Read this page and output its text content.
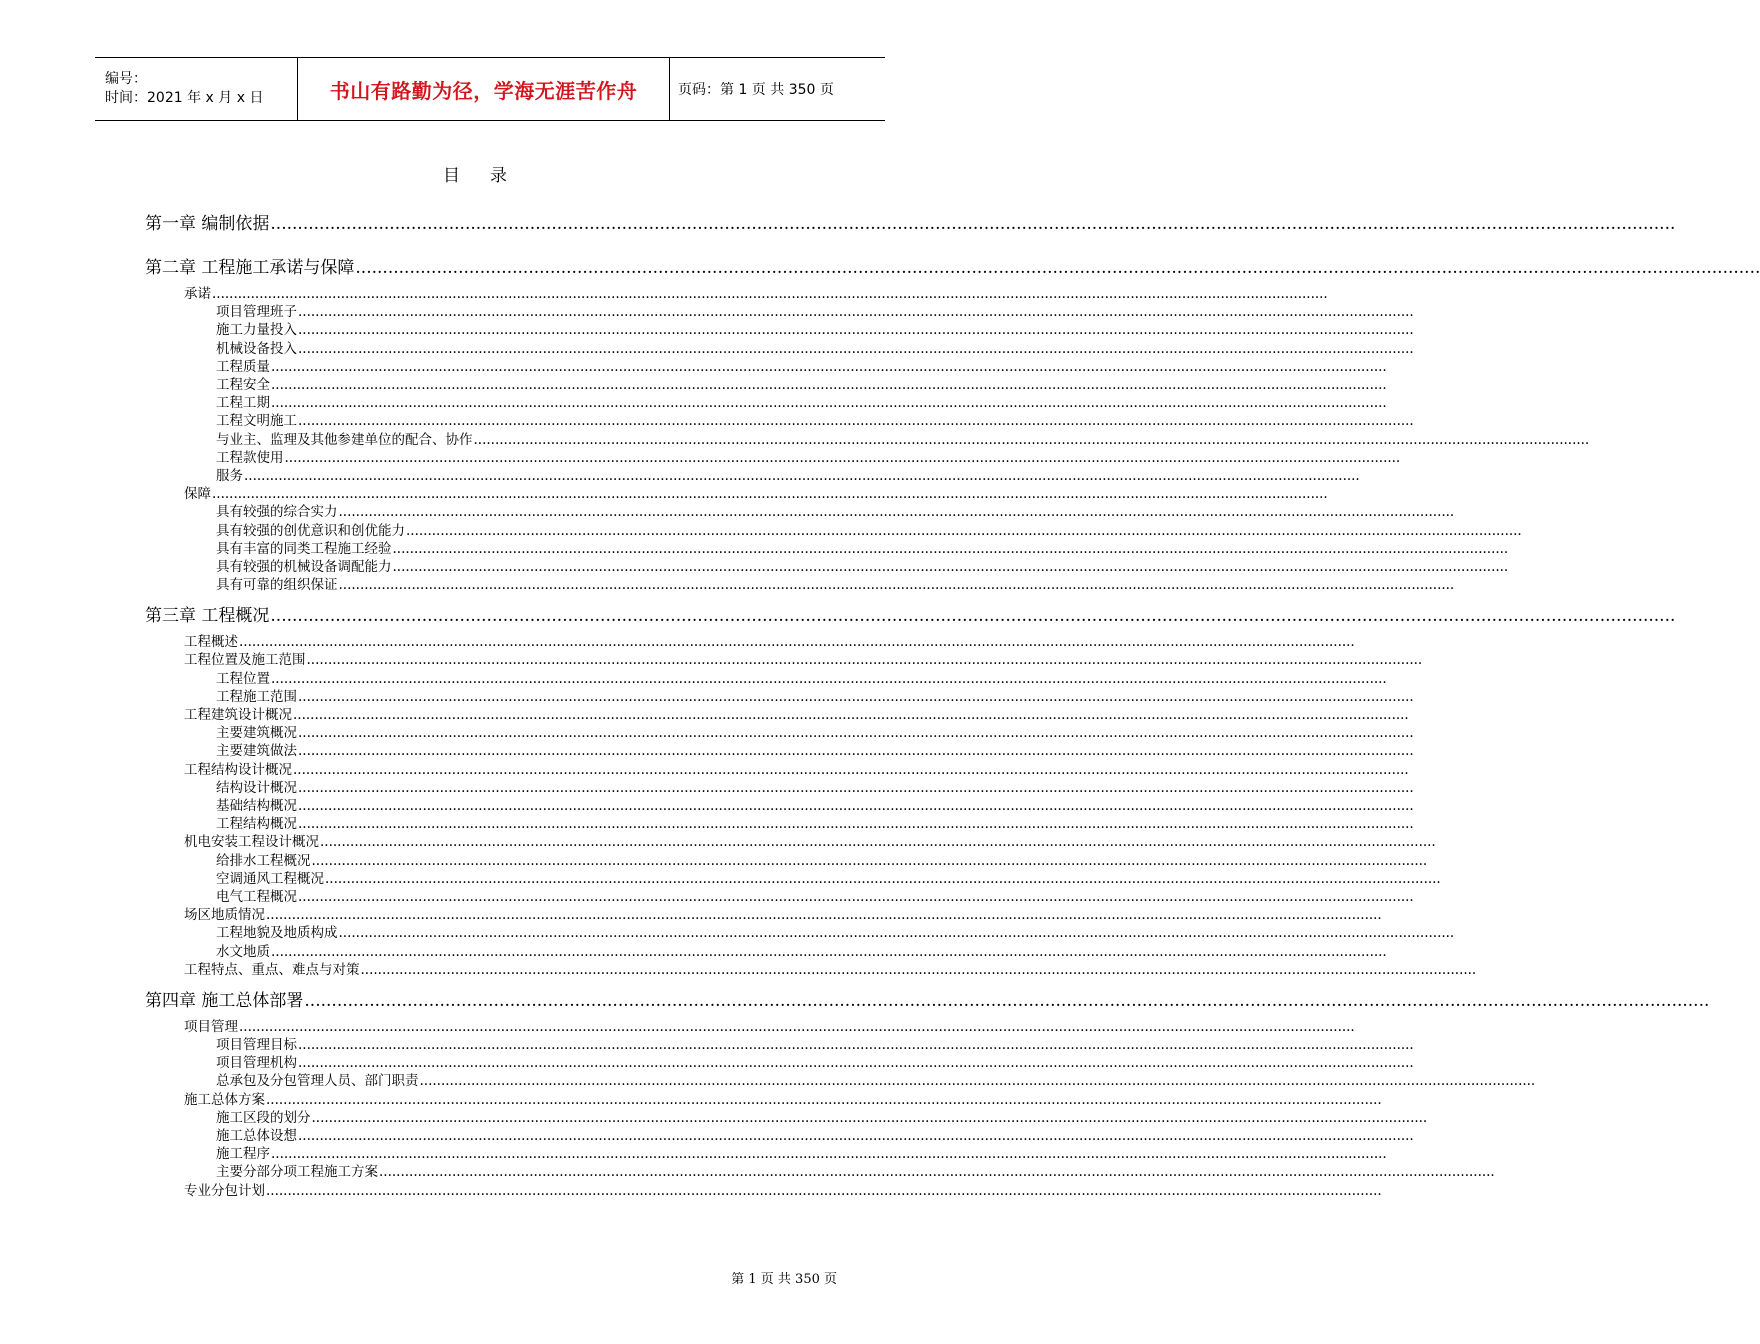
编号：
时间：2021 年 x 月 x 日	书山有路勤为径，学海无涯苦作舟	页码：第 1 页 共 350 页
目录
第一章 编制依据 ....................................................................................................................................................................................................................................................................
第二章 工程施工承诺与保障 ....................................................................................................................................................................................................................................................................
承诺 ....................................................................................................................................................................................................................................................................
项目管理班子 ....................................................................................................................................................................................................................................................................
施工力量投入 ....................................................................................................................................................................................................................................................................
机械设备投入 ....................................................................................................................................................................................................................................................................
工程质量 ....................................................................................................................................................................................................................................................................
工程安全 ....................................................................................................................................................................................................................................................................
工程工期 ....................................................................................................................................................................................................................................................................
工程文明施工 ....................................................................................................................................................................................................................................................................
与业主、监理及其他参建单位的配合、协作 ....................................................................................................................................................................................................................................................................
工程款使用 ....................................................................................................................................................................................................................................................................
服务 ....................................................................................................................................................................................................................................................................
保障 ....................................................................................................................................................................................................................................................................
具有较强的综合实力 ....................................................................................................................................................................................................................................................................
具有较强的创优意识和创优能力 ....................................................................................................................................................................................................................................................................
具有丰富的同类工程施工经验 ....................................................................................................................................................................................................................................................................
具有较强的机械设备调配能力 ....................................................................................................................................................................................................................................................................
具有可靠的组织保证 ....................................................................................................................................................................................................................................................................
第三章 工程概况 ....................................................................................................................................................................................................................................................................
工程概述 ....................................................................................................................................................................................................................................................................
工程位置及施工范围 ....................................................................................................................................................................................................................................................................
工程位置 ....................................................................................................................................................................................................................................................................
工程施工范围 ....................................................................................................................................................................................................................................................................
工程建筑设计概况 ....................................................................................................................................................................................................................................................................
主要建筑概况 ....................................................................................................................................................................................................................................................................
主要建筑做法 ....................................................................................................................................................................................................................................................................
工程结构设计概况 ....................................................................................................................................................................................................................................................................
结构设计概况 ....................................................................................................................................................................................................................................................................
基础结构概况 ....................................................................................................................................................................................................................................................................
工程结构概况 ....................................................................................................................................................................................................................................................................
机电安装工程设计概况 ....................................................................................................................................................................................................................................................................
给排水工程概况 ....................................................................................................................................................................................................................................................................
空调通风工程概况 ....................................................................................................................................................................................................................................................................
电气工程概况 ....................................................................................................................................................................................................................................................................
场区地质情况 ....................................................................................................................................................................................................................................................................
工程地貌及地质构成 ....................................................................................................................................................................................................................................................................
水文地质 ....................................................................................................................................................................................................................................................................
工程特点、重点、难点与对策 ....................................................................................................................................................................................................................................................................
第四章 施工总体部署 ....................................................................................................................................................................................................................................................................
项目管理 ....................................................................................................................................................................................................................................................................
项目管理目标 ....................................................................................................................................................................................................................................................................
项目管理机构 ....................................................................................................................................................................................................................................................................
总承包及分包管理人员、部门职责 ....................................................................................................................................................................................................................................................................
施工总体方案 ....................................................................................................................................................................................................................................................................
施工区段的划分 ....................................................................................................................................................................................................................................................................
施工总体设想 ....................................................................................................................................................................................................................................................................
施工程序 ....................................................................................................................................................................................................................................................................
主要分部分项工程施工方案 ....................................................................................................................................................................................................................................................................
专业分包计划 ....................................................................................................................................................................................................................................................................
第 1 页 共 350 页
